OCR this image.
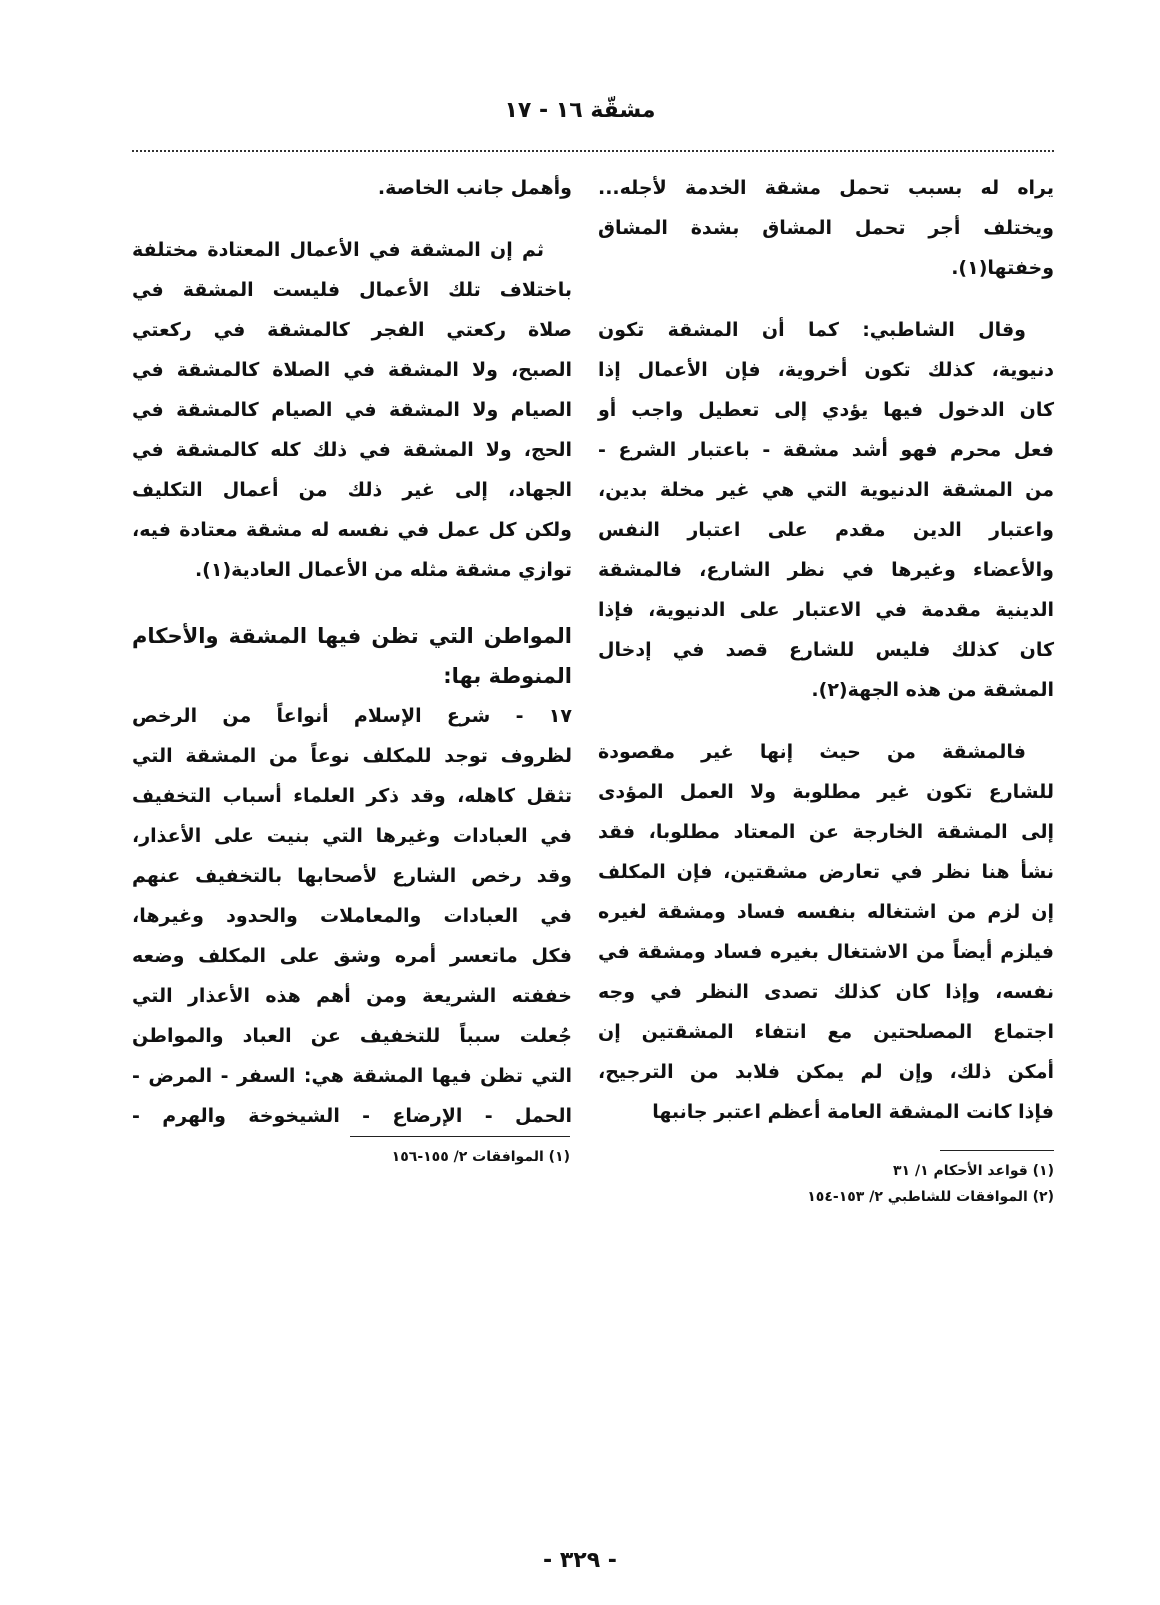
مشقّة ١٦ - ١٧
يراه له بسبب تحمل مشقة الخدمة لأجله...
ويختلف أجر تحمل المشاق بشدة المشاق
وخفتها(١).
وقال الشاطبي: كما أن المشقة تكون
دنيوية، كذلك تكون أخروية، فإن الأعمال إذا
كان الدخول فيها يؤدي إلى تعطيل واجب أو
فعل محرم فهو أشد مشقة - باعتبار الشرع -
من المشقة الدنيوية التي هي غير مخلة بدين،
واعتبار الدين مقدم على اعتبار النفس
والأعضاء وغيرها في نظر الشارع، فالمشقة
الدينية مقدمة في الاعتبار على الدنيوية، فإذا
كان كذلك فليس للشارع قصد في إدخال
المشقة من هذه الجهة(٢).
فالمشقة من حيث إنها غير مقصودة
للشارع تكون غير مطلوبة ولا العمل المؤدى
إلى المشقة الخارجة عن المعتاد مطلوبا، فقد
نشأ هنا نظر في تعارض مشقتين، فإن المكلف
إن لزم من اشتغاله بنفسه فساد ومشقة لغيره
فيلزم أيضاً من الاشتغال بغيره فساد ومشقة في
نفسه، وإذا كان كذلك تصدى النظر في وجه
اجتماع المصلحتين مع انتفاء المشقتين إن
أمكن ذلك، وإن لم يمكن فلابد من الترجيح،
فإذا كانت المشقة العامة أعظم اعتبر جانبها
وأهمل جانب الخاصة.
ثم إن المشقة في الأعمال المعتادة مختلفة
باختلاف تلك الأعمال فليست المشقة في
صلاة ركعتي الفجر كالمشقة في ركعتي
الصبح، ولا المشقة في الصلاة كالمشقة في
الصيام ولا المشقة في الصيام كالمشقة في
الحج، ولا المشقة في ذلك كله كالمشقة في
الجهاد، إلى غير ذلك من أعمال التكليف
ولكن كل عمل في نفسه له مشقة معتادة فيه،
توازي مشقة مثله من الأعمال العادية(١).
المواطن التي تظن فيها المشقة والأحكام
المنوطة بها:
١٧ - شرع الإسلام أنواعاً من الرخص
لظروف توجد للمكلف نوعاً من المشقة التي
تثقل كاهله، وقد ذكر العلماء أسباب التخفيف
في العبادات وغيرها التي بنيت على الأعذار،
وقد رخص الشارع لأصحابها بالتخفيف عنهم
في العبادات والمعاملات والحدود وغيرها،
فكل ماتعسر أمره وشق على المكلف وضعه
خففته الشريعة ومن أهم هذه الأعذار التي
جُعلت سبباً للتخفيف عن العباد والمواطن
التي تظن فيها المشقة هي: السفر - المرض -
الحمل - الإرضاع - الشيخوخة والهرم -
(١) قواعد الأحكام ١/ ٣١
(٢) الموافقات للشاطبي ٢/ ١٥٣-١٥٤
(١) الموافقات ٢/ ١٥٥-١٥٦
- ٣٢٩ -
